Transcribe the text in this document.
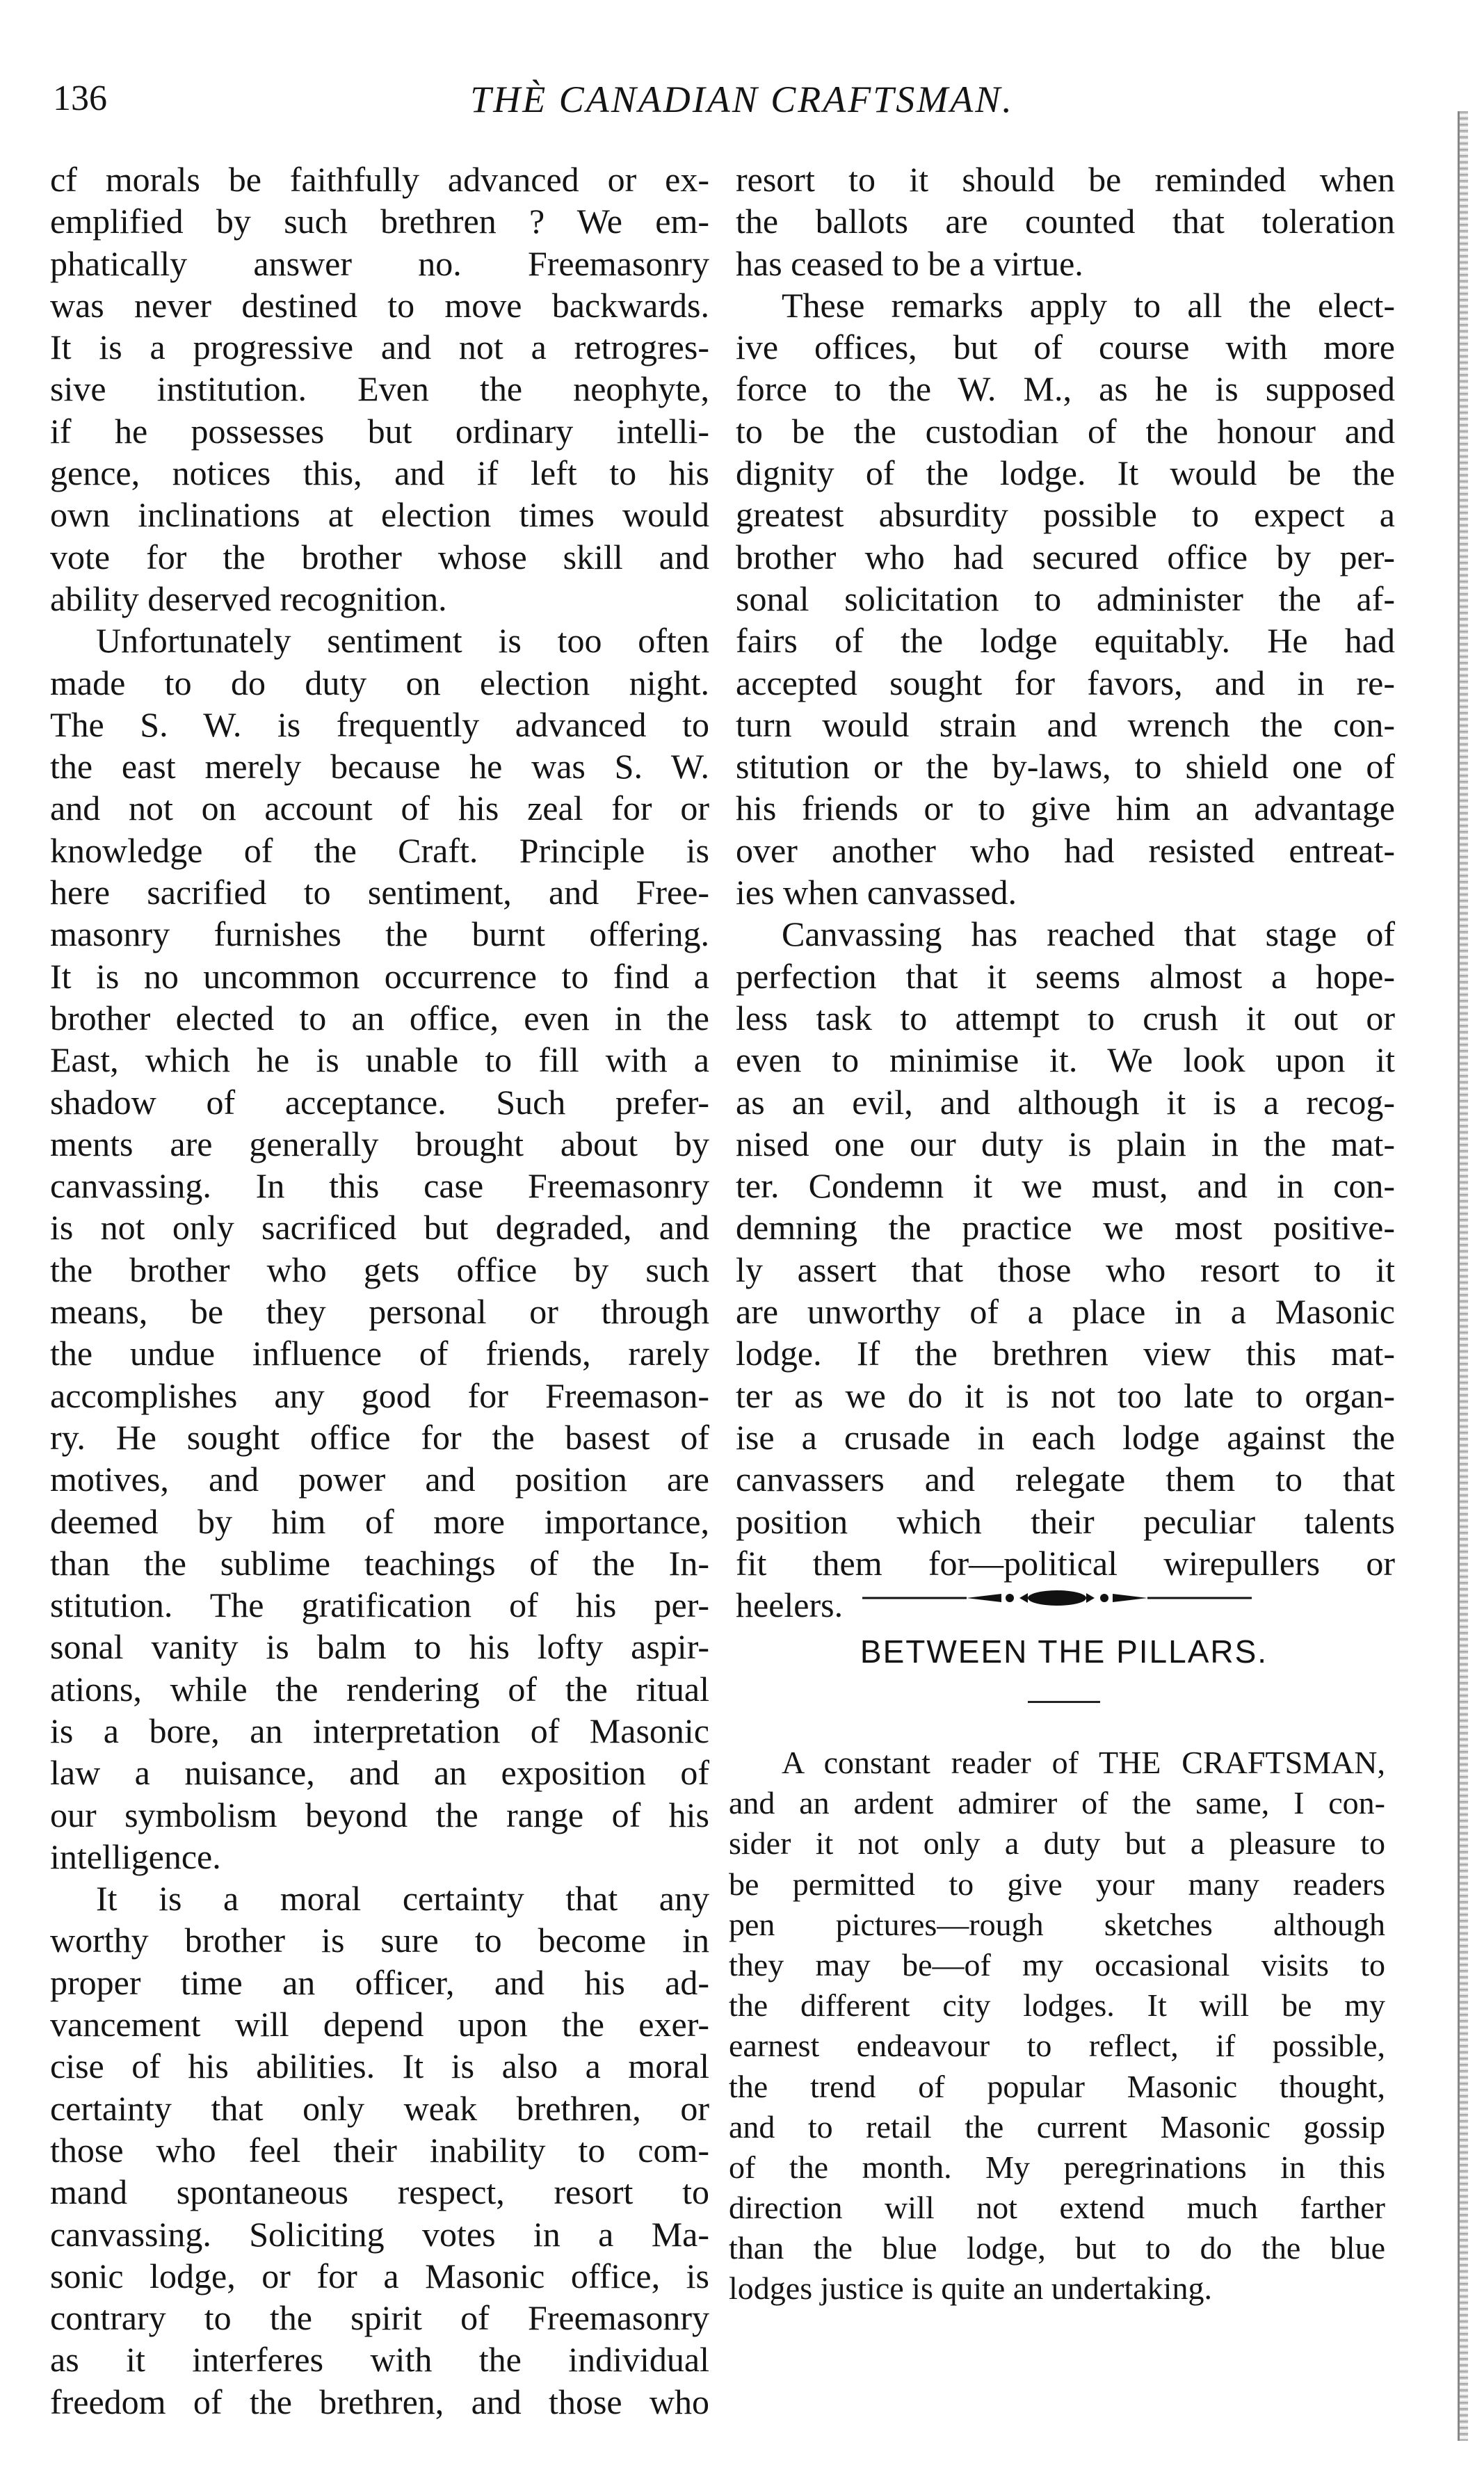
136	THÈ CANADIAN CRAFTSMAN.
cf morals be faithfully advanced or ex-
emplified by such brethren ? We em-
phatically answer no. Freemasonry
was never destined to move backwards.
It is a progressive and not a retrogres-
sive institution. Even the neophyte,
if he possesses but ordinary intelli-
gence, notices this, and if left to his
own inclinations at election times would
vote for the brother whose skill and
ability deserved recognition.
Unfortunately sentiment is too often
made to do duty on election night.
The S. W. is frequently advanced to
the east merely because he was S. W.
and not on account of his zeal for or
knowledge of the Craft. Principle is
here sacrified to sentiment, and Free-
masonry furnishes the burnt offering.
It is no uncommon occurrence to find a
brother elected to an office, even in the
East, which he is unable to fill with a
shadow of acceptance. Such prefer-
ments are generally brought about by
canvassing. In this case Freemasonry
is not only sacrificed but degraded, and
the brother who gets office by such
means, be they personal or through
the undue influence of friends, rarely
accomplishes any good for Freemason-
ry. He sought office for the basest of
motives, and power and position are
deemed by him of more importance,
than the sublime teachings of the In-
stitution. The gratification of his per-
sonal vanity is balm to his lofty aspir-
ations, while the rendering of the ritual
is a bore, an interpretation of Masonic
law a nuisance, and an exposition of
our symbolism beyond the range of his
intelligence.
It is a moral certainty that any
worthy brother is sure to become in
proper time an officer, and his ad-
vancement will depend upon the exer-
cise of his abilities. It is also a moral
certainty that only weak brethren, or
those who feel their inability to com-
mand spontaneous respect, resort to
canvassing. Soliciting votes in a Ma-
sonic lodge, or for a Masonic office, is
contrary to the spirit of Freemasonry
as it interferes with the individual
freedom of the brethren, and those who
resort to it should be reminded when
the ballots are counted that toleration
has ceased to be a virtue.
These remarks apply to all the elect-
ive offices, but of course with more
force to the W. M., as he is supposed
to be the custodian of the honour and
dignity of the lodge. It would be the
greatest absurdity possible to expect a
brother who had secured office by per-
sonal solicitation to administer the af-
fairs of the lodge equitably. He had
accepted sought for favors, and in re-
turn would strain and wrench the con-
stitution or the by-laws, to shield one of
his friends or to give him an advantage
over another who had resisted entreat-
ies when canvassed.
Canvassing has reached that stage of
perfection that it seems almost a hope-
less task to attempt to crush it out or
even to minimise it. We look upon it
as an evil, and although it is a recog-
nised one our duty is plain in the mat-
ter. Condemn it we must, and in con-
demning the practice we most positive-
ly assert that those who resort to it
are unworthy of a place in a Masonic
lodge. If the brethren view this mat-
ter as we do it is not too late to organ-
ise a crusade in each lodge against the
canvassers and relegate them to that
position which their peculiar talents
fit them for—political wirepullers or
heelers.
BETWEEN THE PILLARS.
A constant reader of THE CRAFTSMAN,
and an ardent admirer of the same, I con-
sider it not only a duty but a pleasure to
be permitted to give your many readers
pen pictures—rough sketches although
they may be—of my occasional visits to
the different city lodges. It will be my
earnest endeavour to reflect, if possible,
the trend of popular Masonic thought,
and to retail the current Masonic gossip
of the month. My peregrinations in this
direction will not extend much farther
than the blue lodge, but to do the blue
lodges justice is quite an undertaking.
